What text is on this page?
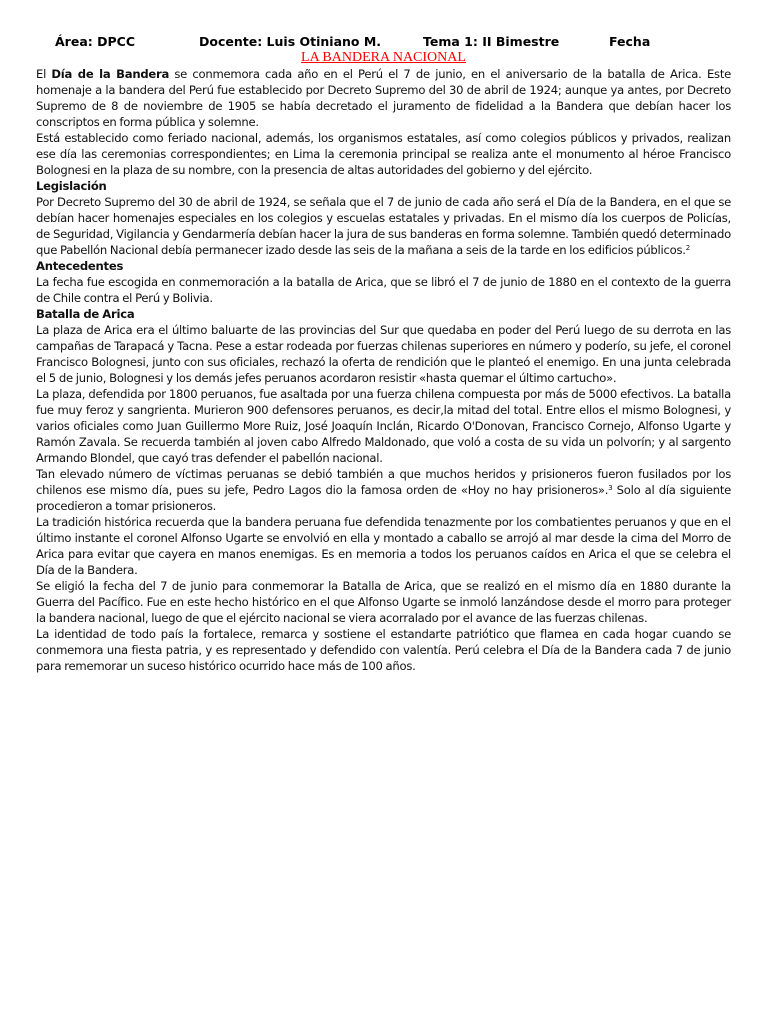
Área: DPCC	Docente: Luis Otiniano M.	Tema 1: II Bimestre	Fecha
LA BANDERA NACIONAL

El Día de la Bandera se conmemora cada año en el Perú el 7 de junio, en el aniversario de la batalla de Arica. Este homenaje a la bandera del Perú fue establecido por Decreto Supremo del 30 de abril de 1924; aunque ya antes, por Decreto Supremo de 8 de noviembre de 1905 se había decretado el juramento de fidelidad a la Bandera que debían hacer los conscriptos en forma pública y solemne.

Está establecido como feriado nacional, además, los organismos estatales, así como colegios públicos y privados, realizan ese día las ceremonias correspondientes; en Lima la ceremonia principal se realiza ante el monumento al héroe Francisco Bolognesi en la plaza de su nombre, con la presencia de altas autoridades del gobierno y del ejército.

Legislación

Por Decreto Supremo del 30 de abril de 1924, se señala que el 7 de junio de cada año será el Día de la Bandera, en el que se debían hacer homenajes especiales en los colegios y escuelas estatales y privadas. En el mismo día los cuerpos de Policías, de Seguridad, Vigilancia y Gendarmería debían hacer la jura de sus banderas en forma solemne. También quedó determinado que Pabellón Nacional debía permanecer izado desde las seis de la mañana a seis de la tarde en los edificios públicos.$^2$

Antecedentes

La fecha fue escogida en conmemoración a la batalla de Arica, que se libró el 7 de junio de 1880 en el contexto de la guerra de Chile contra el Perú y Bolivia.

Batalla de Arica

La plaza de Arica era el último baluarte de las provincias del Sur que quedaba en poder del Perú luego de su derrota en las campañas de Tarapacá y Tacna. Pese a estar rodeada por fuerzas chilenas superiores en número y poderío, su jefe, el coronel Francisco Bolognesi, junto con sus oficiales, rechazó la oferta de rendición que le planteó el enemigo. En una junta celebrada el 5 de junio, Bolognesi y los demás jefes peruanos acordaron resistir «hasta quemar el último cartucho».

La plaza, defendida por 1800 peruanos, fue asaltada por una fuerza chilena compuesta por más de 5000 efectivos. La batalla fue muy feroz y sangrienta. Murieron 900 defensores peruanos, es decir,la mitad del total. Entre ellos el mismo Bolognesi, y varios oficiales como Juan Guillermo More Ruiz, José Joaquín Inclán, Ricardo O'Donovan, Francisco Cornejo, Alfonso Ugarte y Ramón Zavala. Se recuerda también al joven cabo Alfredo Maldonado, que voló a costa de su vida un polvorín; y al sargento Armando Blondel, que cayó tras defender el pabellón nacional.

Tan elevado número de víctimas peruanas se debió también a que muchos heridos y prisioneros fueron fusilados por los chilenos ese mismo día, pues su jefe, Pedro Lagos dio la famosa orden de «Hoy no hay prisioneros».$^3$ Solo al día siguiente procedieron a tomar prisioneros.

La tradición histórica recuerda que la bandera peruana fue defendida tenazmente por los combatientes peruanos y que en el último instante el coronel Alfonso Ugarte se envolvió en ella y montado a caballo se arrojó al mar desde la cima del Morro de Arica para evitar que cayera en manos enemigas. Es en memoria a todos los peruanos caídos en Arica el que se celebra el Día de la Bandera.

Se eligió la fecha del 7 de junio para conmemorar la Batalla de Arica, que se realizó en el mismo día en 1880 durante la Guerra del Pacífico. Fue en este hecho histórico en el que Alfonso Ugarte se inmoló lanzándose desde el morro para proteger la bandera nacional, luego de que el ejército nacional se viera acorralado por el avance de las fuerzas chilenas.

La identidad de todo país la fortalece, remarca y sostiene el estandarte patriótico que flamea en cada hogar cuando se conmemora una fiesta patria, y es representado y defendido con valentía. Perú celebra el Día de la Bandera cada 7 de junio para rememorar un suceso histórico ocurrido hace más de 100 años.
